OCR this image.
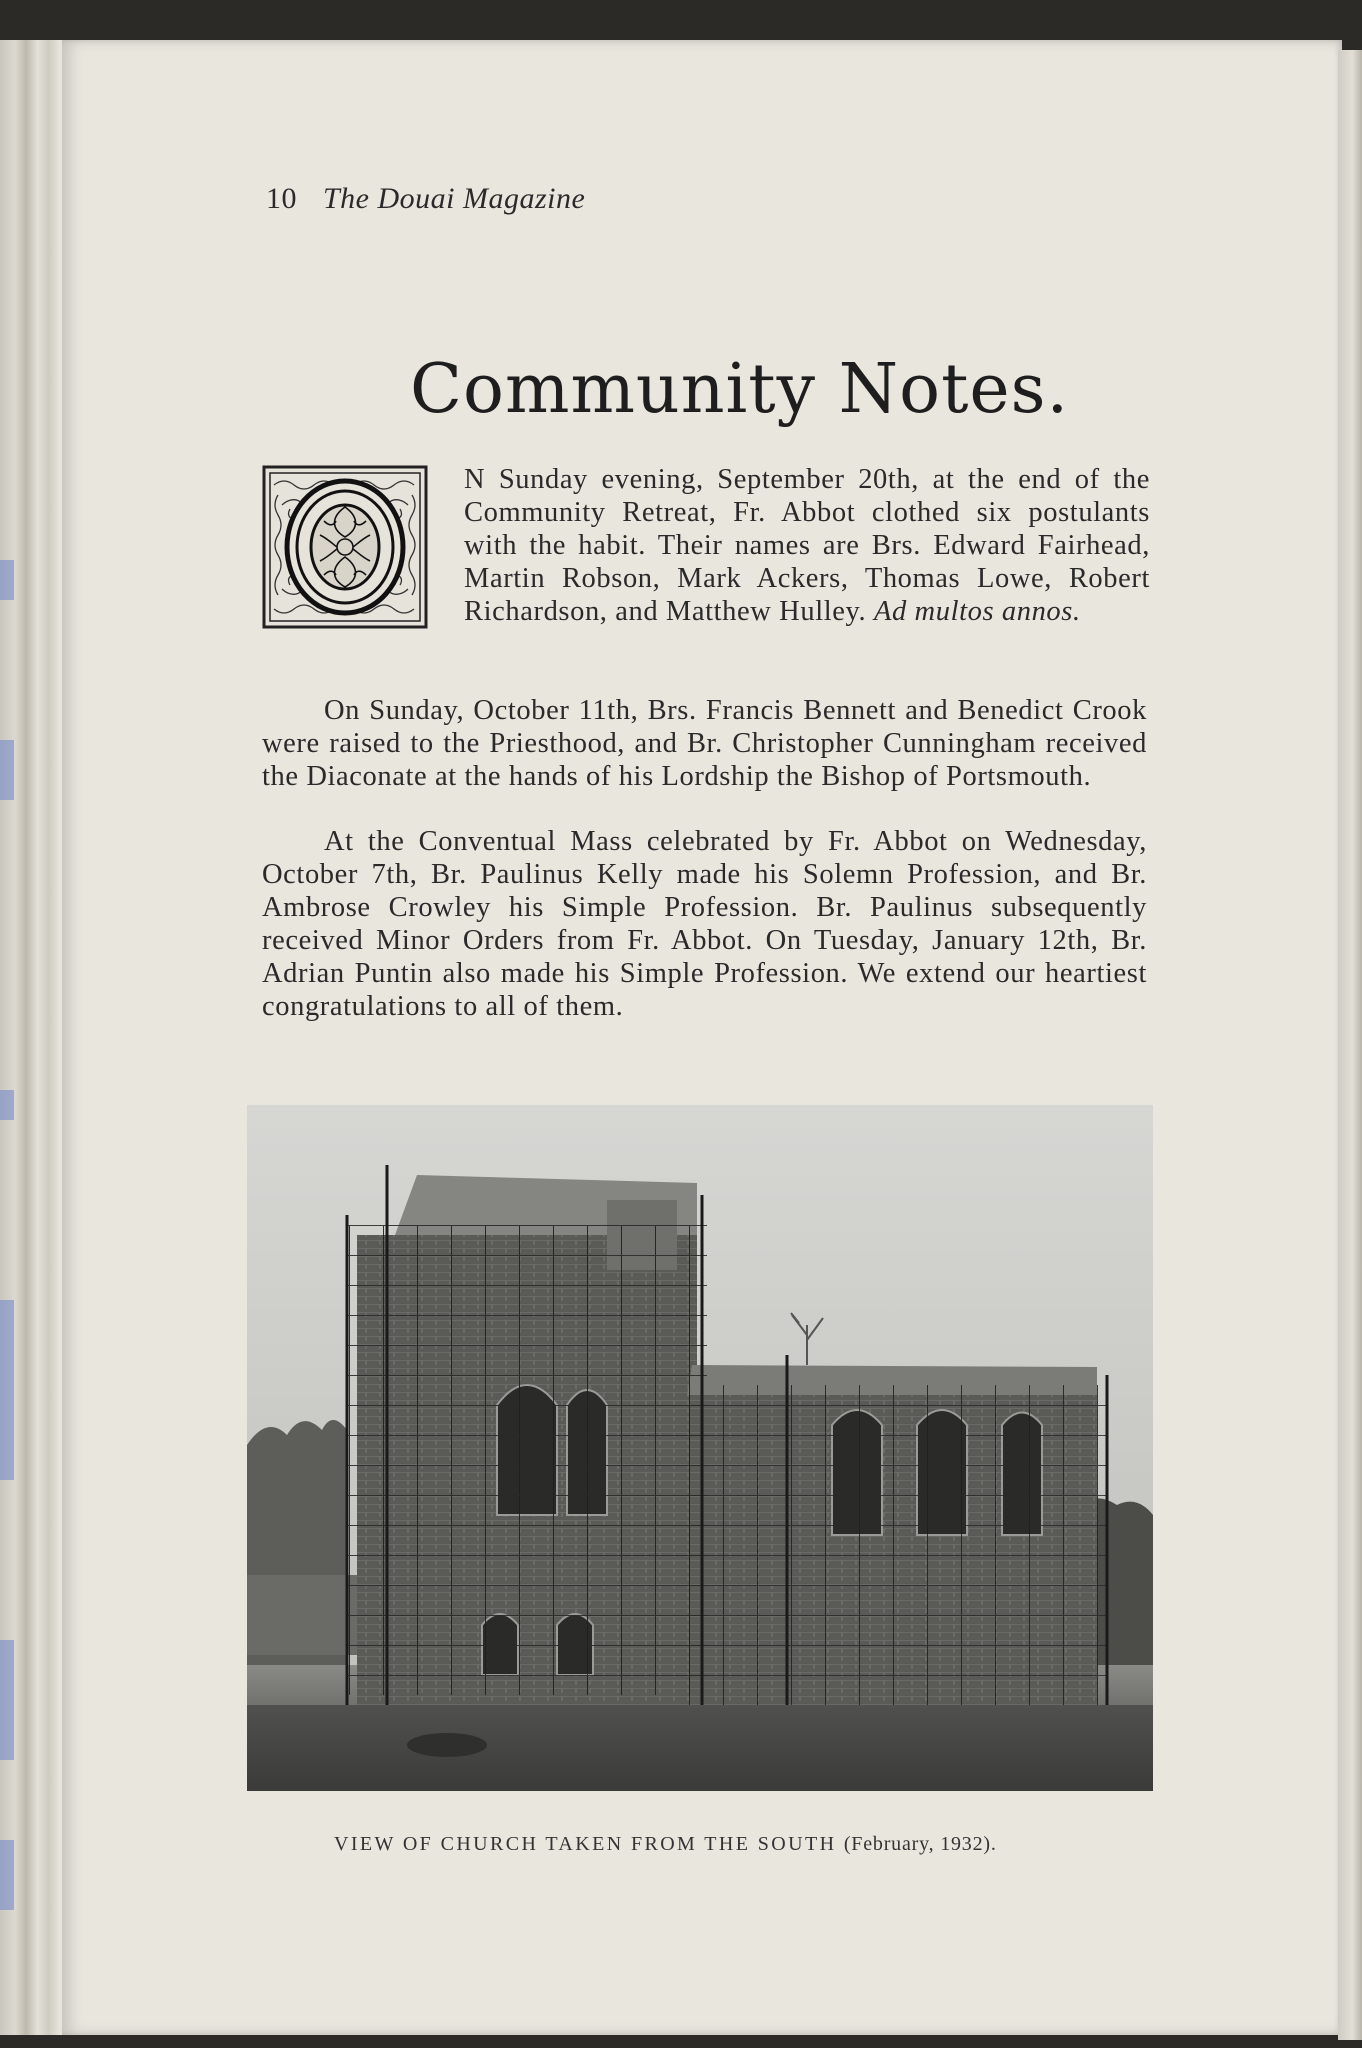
10 The Douai Magazine
Community Notes.
N Sunday evening, September 20th, at the end of the Community Retreat, Fr. Abbot clothed six postulants with the habit. Their names are Brs. Edward Fairhead, Martin Robson, Mark Ackers, Thomas Lowe, Robert Richardson, and Matthew Hulley. Ad multos annos.
On Sunday, October 11th, Brs. Francis Bennett and Benedict Crook were raised to the Priesthood, and Br. Christopher Cunningham received the Diaconate at the hands of his Lordship the Bishop of Portsmouth.
At the Conventual Mass celebrated by Fr. Abbot on Wednesday, October 7th, Br. Paulinus Kelly made his Solemn Profession, and Br. Ambrose Crowley his Simple Profession. Br. Paulinus subsequently received Minor Orders from Fr. Abbot. On Tuesday, January 12th, Br. Adrian Puntin also made his Simple Profession. We extend our heartiest congratulations to all of them.
VIEW OF CHURCH TAKEN FROM THE SOUTH (February, 1932).
